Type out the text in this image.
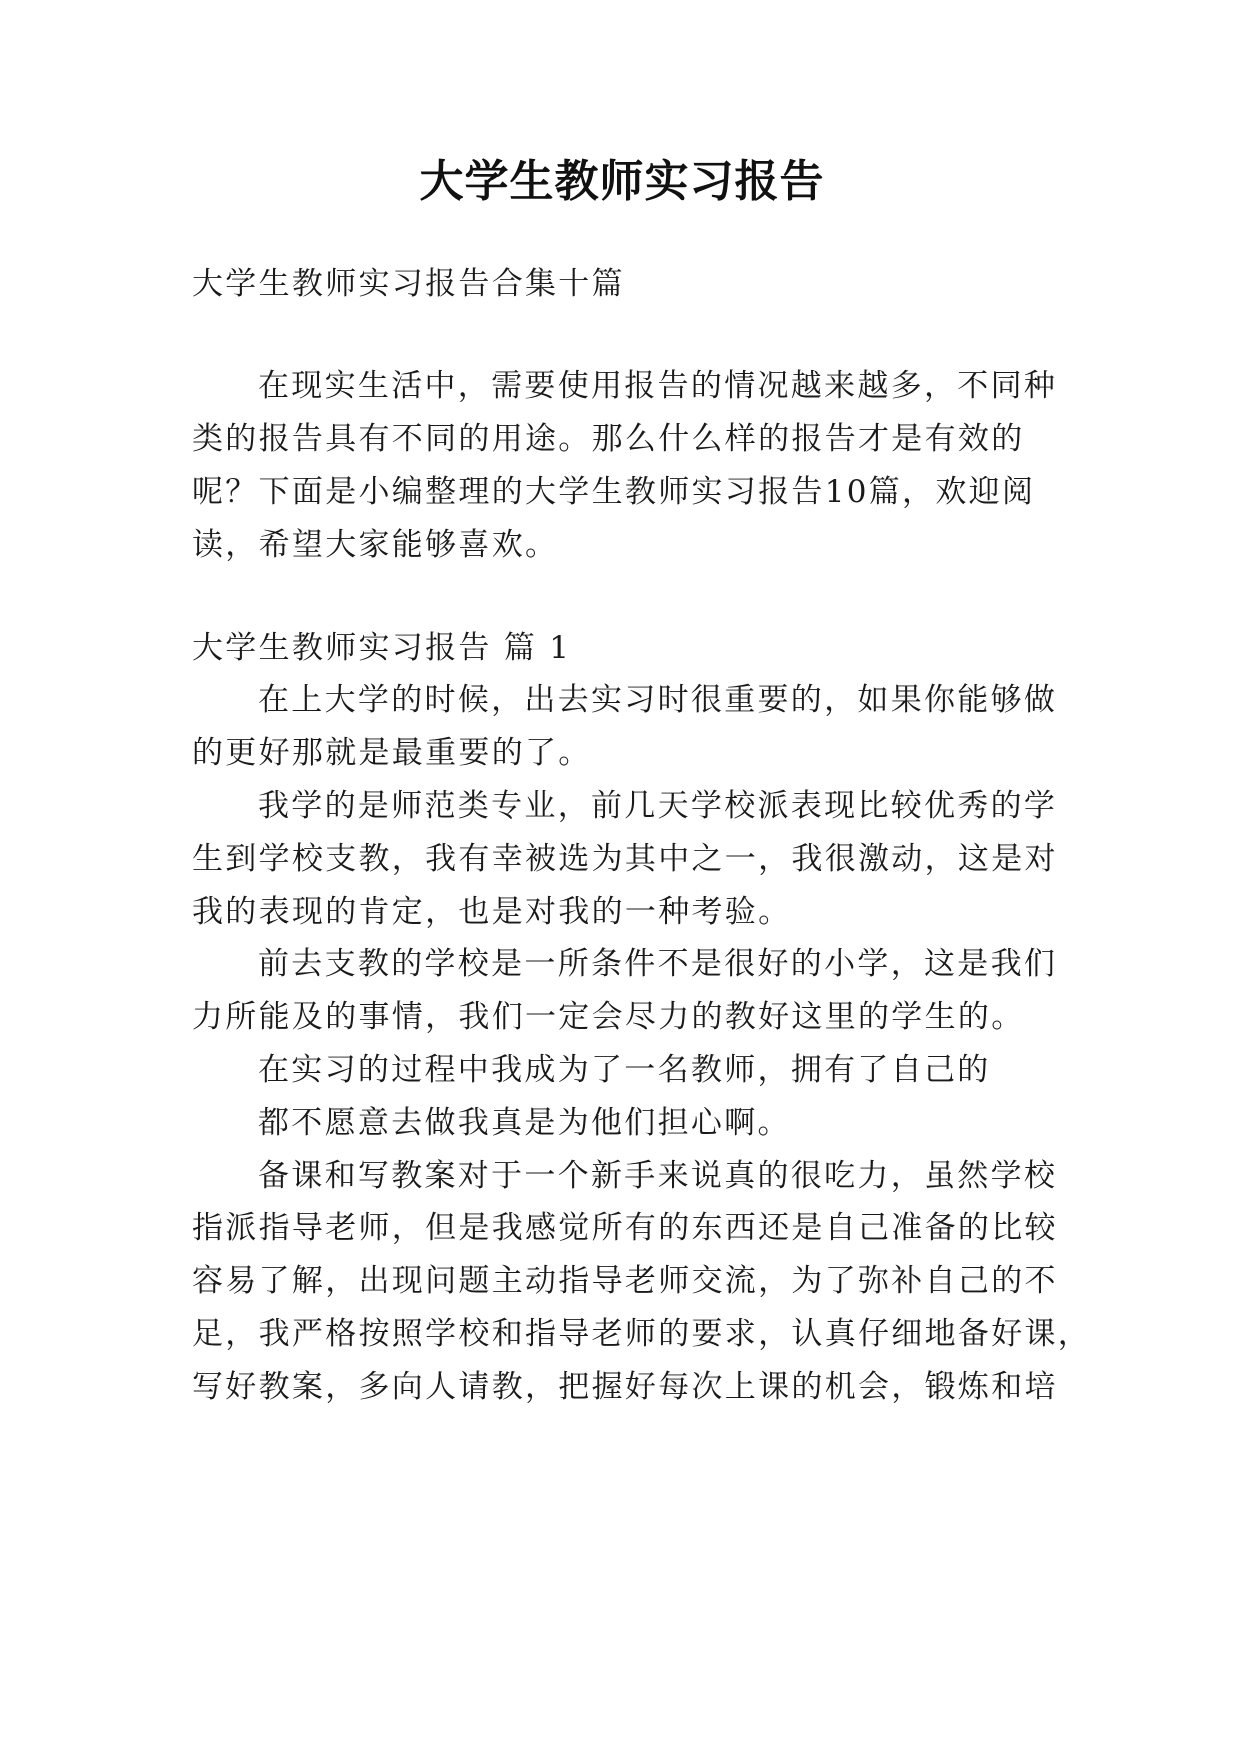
大学生教师实习报告
大学生教师实习报告合集十篇
在现实生活中，需要使用报告的情况越来越多，不同种
类的报告具有不同的用途。那么什么样的报告才是有效的
呢？下面是小编整理的大学生教师实习报告10篇，欢迎阅
读，希望大家能够喜欢。
大学生教师实习报告 篇 1
在上大学的时候，出去实习时很重要的，如果你能够做
的更好那就是最重要的了。
我学的是师范类专业，前几天学校派表现比较优秀的学
生到学校支教，我有幸被选为其中之一，我很激动，这是对
我的表现的肯定，也是对我的一种考验。
前去支教的学校是一所条件不是很好的小学，这是我们
力所能及的事情，我们一定会尽力的教好这里的学生的。
在实习的过程中我成为了一名教师，拥有了自己的
都不愿意去做我真是为他们担心啊。
备课和写教案对于一个新手来说真的很吃力，虽然学校
指派指导老师，但是我感觉所有的东西还是自己准备的比较
容易了解，出现问题主动指导老师交流，为了弥补自己的不
足，我严格按照学校和指导老师的要求，认真仔细地备好课，
写好教案，多向人请教，把握好每次上课的机会，锻炼和培
